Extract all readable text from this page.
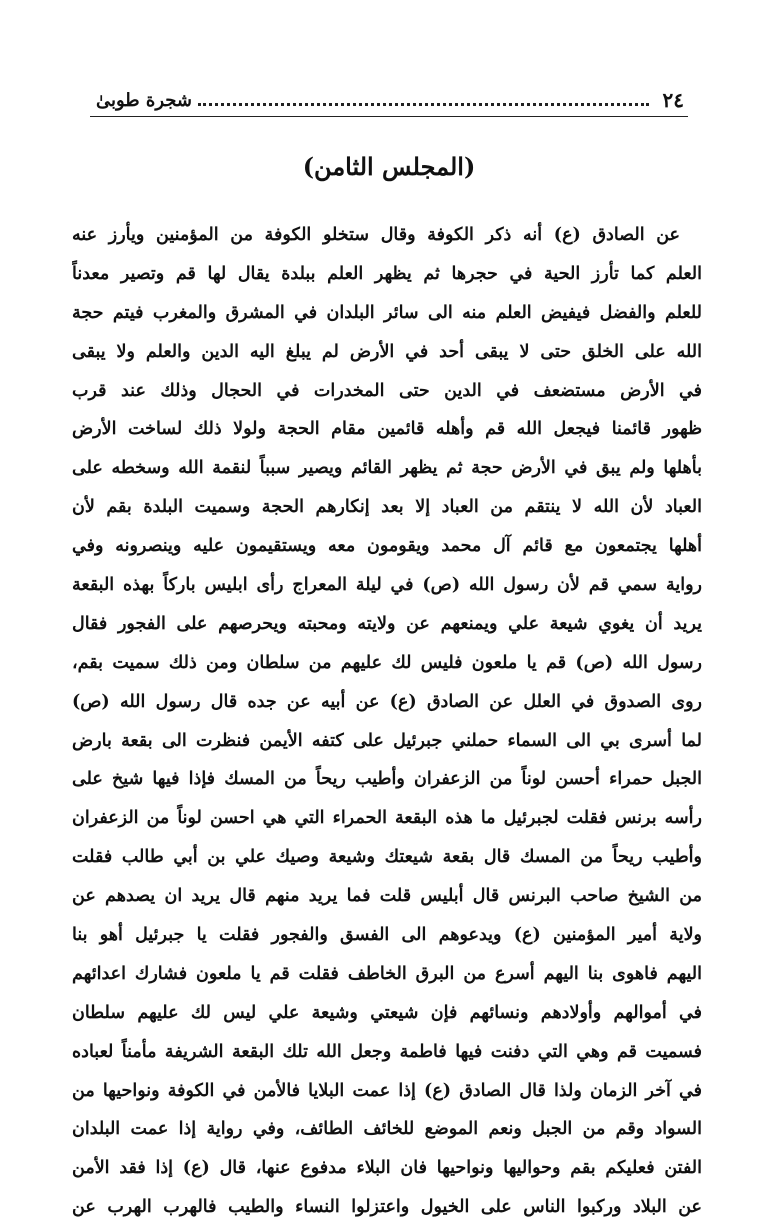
٢٤
شجرة طوبىٰ
(المجلس الثامن)
عن الصادق (ع) أنه ذكر الكوفة وقال ستخلو الكوفة من المؤمنين ويأرز عنه
العلم كما تأرز الحية في حجرها ثم يظهر العلم ببلدة يقال لها قم وتصير معدناً
للعلم والفضل فيفيض العلم منه الى سائر البلدان في المشرق والمغرب فيتم حجة
الله على الخلق حتى لا يبقى أحد في الأرض لم يبلغ اليه الدين والعلم ولا يبقى
في الأرض مستضعف في الدين حتى المخدرات في الحجال وذلك عند قرب
ظهور قائمنا فيجعل الله قم وأهله قائمين مقام الحجة ولولا ذلك لساخت الأرض
بأهلها ولم يبق في الأرض حجة ثم يظهر القائم ويصير سبباً لنقمة الله وسخطه على
العباد لأن الله لا ينتقم من العباد إلا بعد إنكارهم الحجة وسميت البلدة بقم لأن
أهلها يجتمعون مع قائم آل محمد ويقومون معه ويستقيمون عليه وينصرونه وفي
رواية سمي قم لأن رسول الله (ص) في ليلة المعراج رأى ابليس باركاً بهذه البقعة
يريد أن يغوي شيعة علي ويمنعهم عن ولايته ومحبته ويحرصهم على الفجور فقال
رسول الله (ص) قم يا ملعون فليس لك عليهم من سلطان ومن ذلك سميت بقم،
روى الصدوق في العلل عن الصادق (ع) عن أبيه عن جده قال رسول الله (ص)
لما أسرى بي الى السماء حملني جبرئيل على كتفه الأيمن فنظرت الى بقعة بارض
الجبل حمراء أحسن لوناً من الزعفران وأطيب ريحاً من المسك فإذا فيها شيخ على
رأسه برنس فقلت لجبرئيل ما هذه البقعة الحمراء التي هي احسن لوناً من الزعفران
وأطيب ريحاً من المسك قال بقعة شيعتك وشيعة وصيك علي بن أبي طالب فقلت
من الشيخ صاحب البرنس قال أبليس قلت فما يريد منهم قال يريد ان يصدهم عن
ولاية أمير المؤمنين (ع) ويدعوهم الى الفسق والفجور فقلت يا جبرئيل أهو بنا
اليهم فاهوى بنا اليهم أسرع من البرق الخاطف فقلت قم يا ملعون فشارك اعدائهم
في أموالهم وأولادهم ونسائهم فإن شيعتي وشيعة علي ليس لك عليهم سلطان
فسميت قم وهي التي دفنت فيها فاطمة وجعل الله تلك البقعة الشريفة مأمناً لعباده
في آخر الزمان ولذا قال الصادق (ع) إذا عمت البلايا فالأمن في الكوفة ونواحيها من
السواد وقم من الجبل ونعم الموضع للخائف الطائف، وفي رواية إذا عمت البلدان
الفتن فعليكم بقم وحواليها ونواحيها فان البلاء مدفوع عنها، قال (ع) إذا فقد الأمن
عن البلاد وركبوا الناس على الخيول واعتزلوا النساء والطيب فالهرب الهرب عن
